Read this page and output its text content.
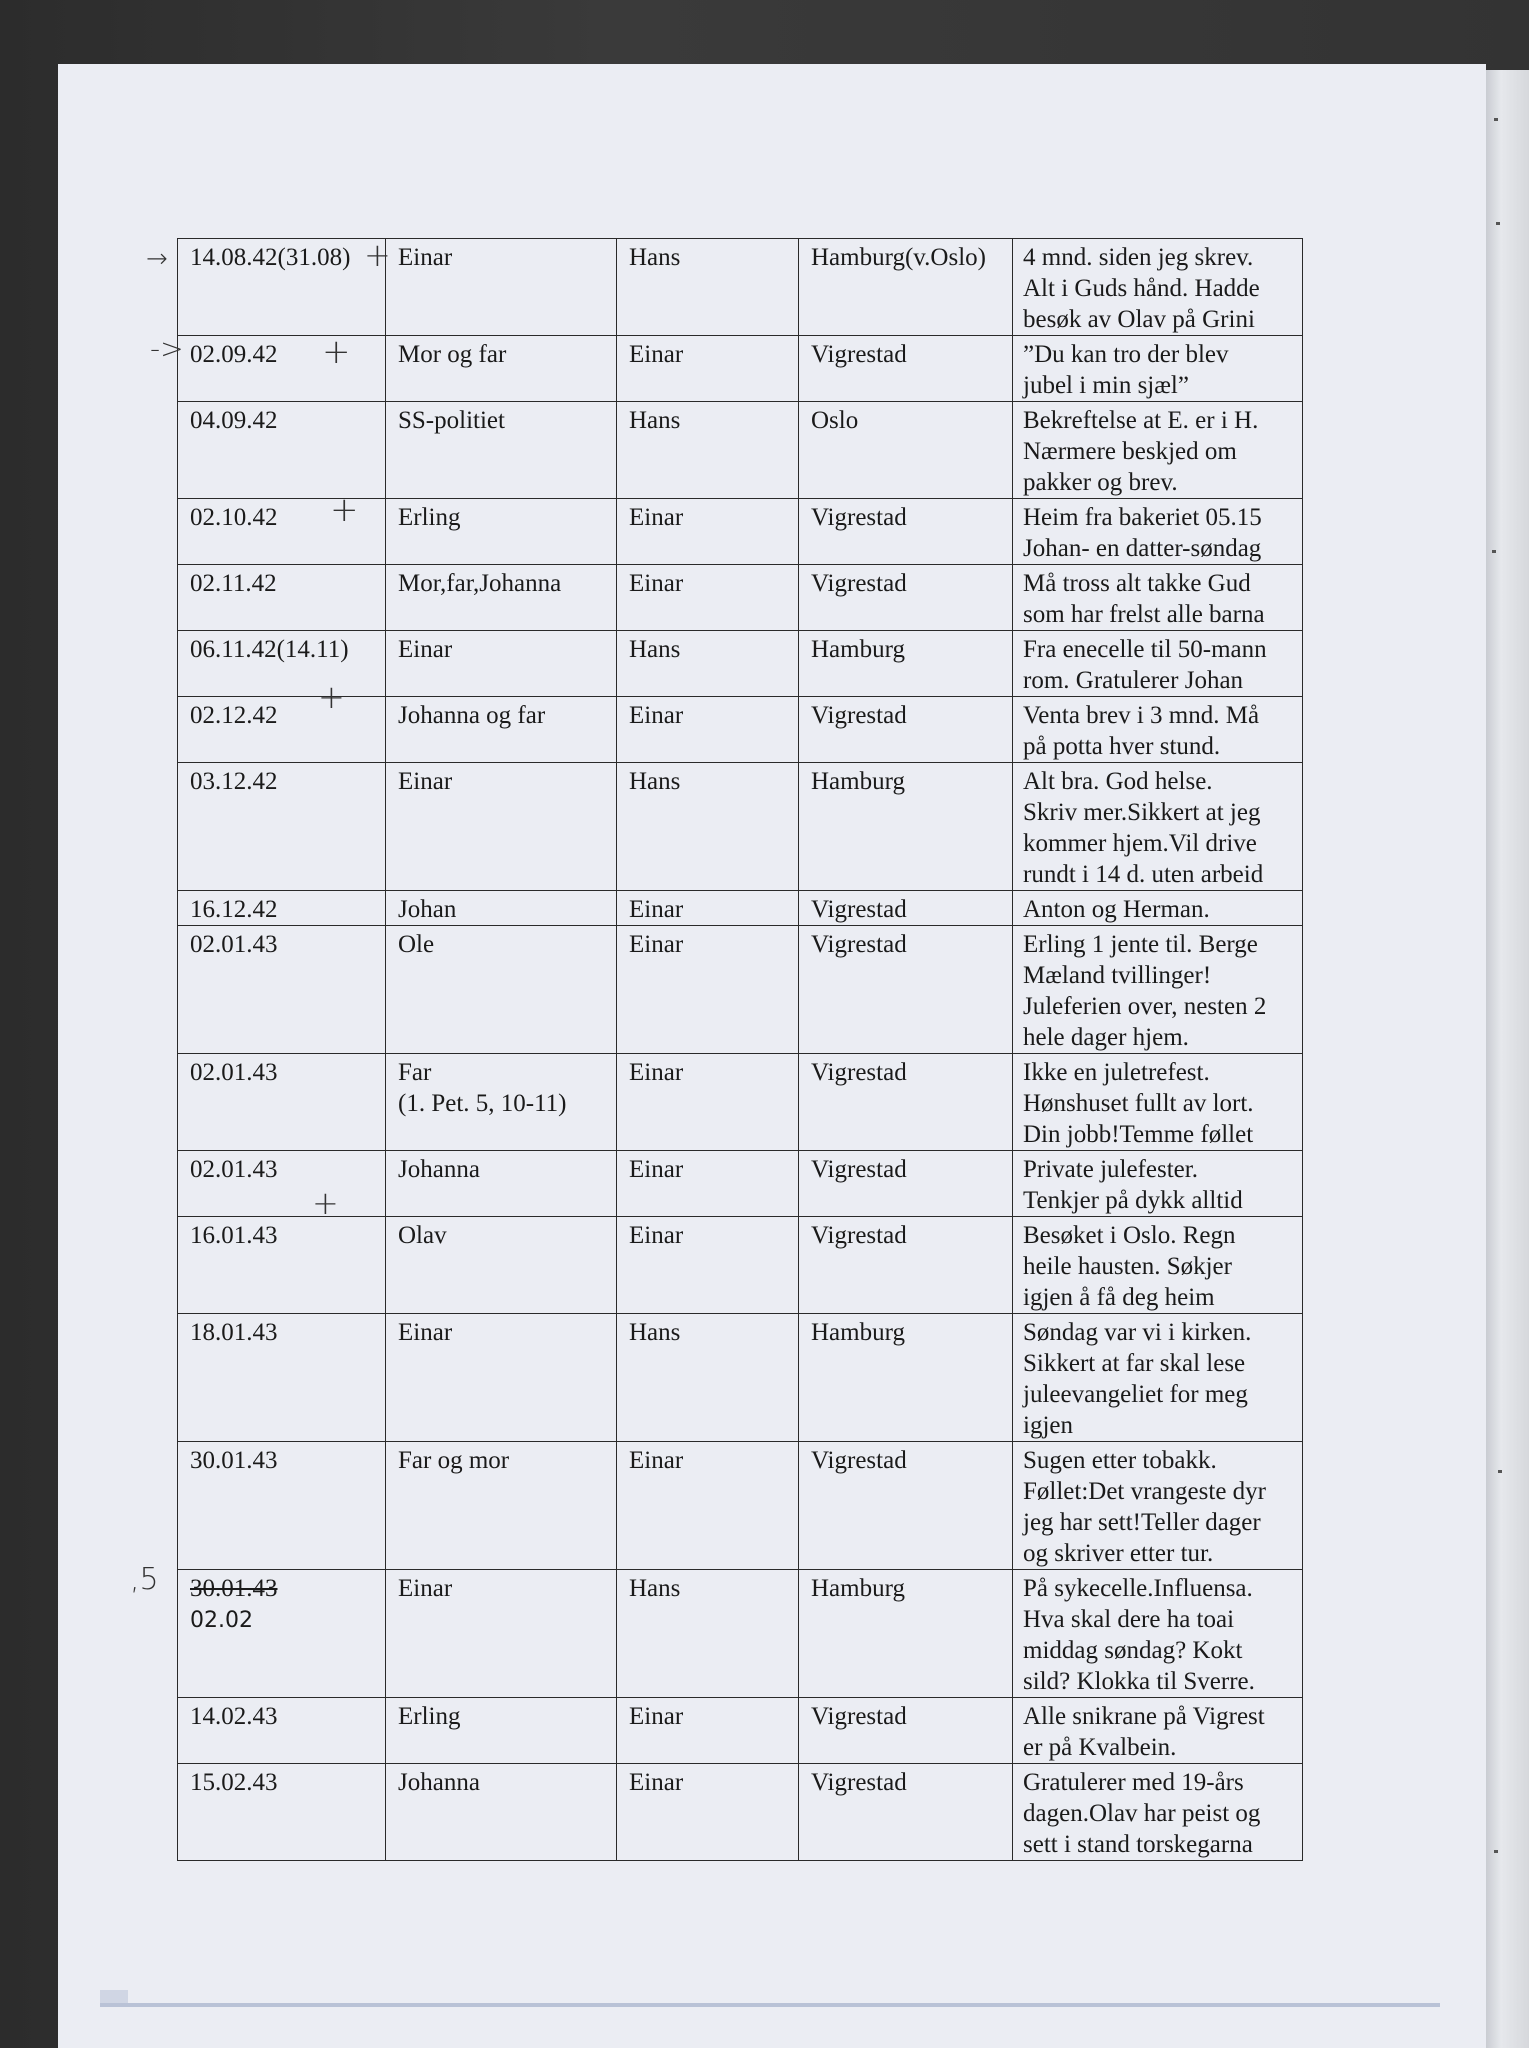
14.08.42(31.08)	Einar	Hans	Hamburg(v.Oslo)	4 mnd. siden jeg skrev.
Alt i Guds hånd. Hadde
besøk av Olav på Grini
02.09.42	Mor og far	Einar	Vigrestad	”Du kan tro der blev
jubel i min sjæl”
04.09.42	SS-politiet	Hans	Oslo	Bekreftelse at E. er i H.
Nærmere beskjed om
pakker og brev.
02.10.42	Erling	Einar	Vigrestad	Heim fra bakeriet 05.15
Johan- en datter-søndag
02.11.42	Mor,far,Johanna	Einar	Vigrestad	Må tross alt takke Gud
som har frelst alle barna
06.11.42(14.11)	Einar	Hans	Hamburg	Fra enecelle til 50-mann
rom. Gratulerer Johan
02.12.42	Johanna og far	Einar	Vigrestad	Venta brev i 3 mnd. Må
på potta hver stund.
03.12.42	Einar	Hans	Hamburg	Alt bra. God helse.
Skriv mer.Sikkert at jeg
kommer hjem.Vil drive
rundt i 14 d. uten arbeid
16.12.42	Johan	Einar	Vigrestad	Anton og Herman.
02.01.43	Ole	Einar	Vigrestad	Erling 1 jente til. Berge
Mæland tvillinger!
Juleferien over, nesten 2
hele dager hjem.
02.01.43	Far
(1. Pet. 5, 10-11)	Einar	Vigrestad	Ikke en juletrefest.
Hønshuset fullt av lort.
Din jobb!Temme føllet
02.01.43	Johanna	Einar	Vigrestad	Private julefester.
Tenkjer på dykk alltid
16.01.43	Olav	Einar	Vigrestad	Besøket i Oslo. Regn
heile hausten. Søkjer
igjen å få deg heim
18.01.43	Einar	Hans	Hamburg	Søndag var vi i kirken.
Sikkert at far skal lese
juleevangeliet for meg
igjen
30.01.43	Far og mor	Einar	Vigrestad	Sugen etter tobakk.
Føllet:Det vrangeste dyr
jeg har sett!Teller dager
og skriver etter tur.
30.01.43
02.02	Einar	Hans	Hamburg	På sykecelle.Influensa.
Hva skal dere ha toai
middag søndag? Kokt
sild? Klokka til Sverre.
14.02.43	Erling	Einar	Vigrestad	Alle snikrane på Vigrest
er på Kvalbein.
15.02.43	Johanna	Einar	Vigrestad	Gratulerer med 19-års
dagen.Olav har peist og
sett i stand torskegarna
→
->
,5
+
+
+
+
+
